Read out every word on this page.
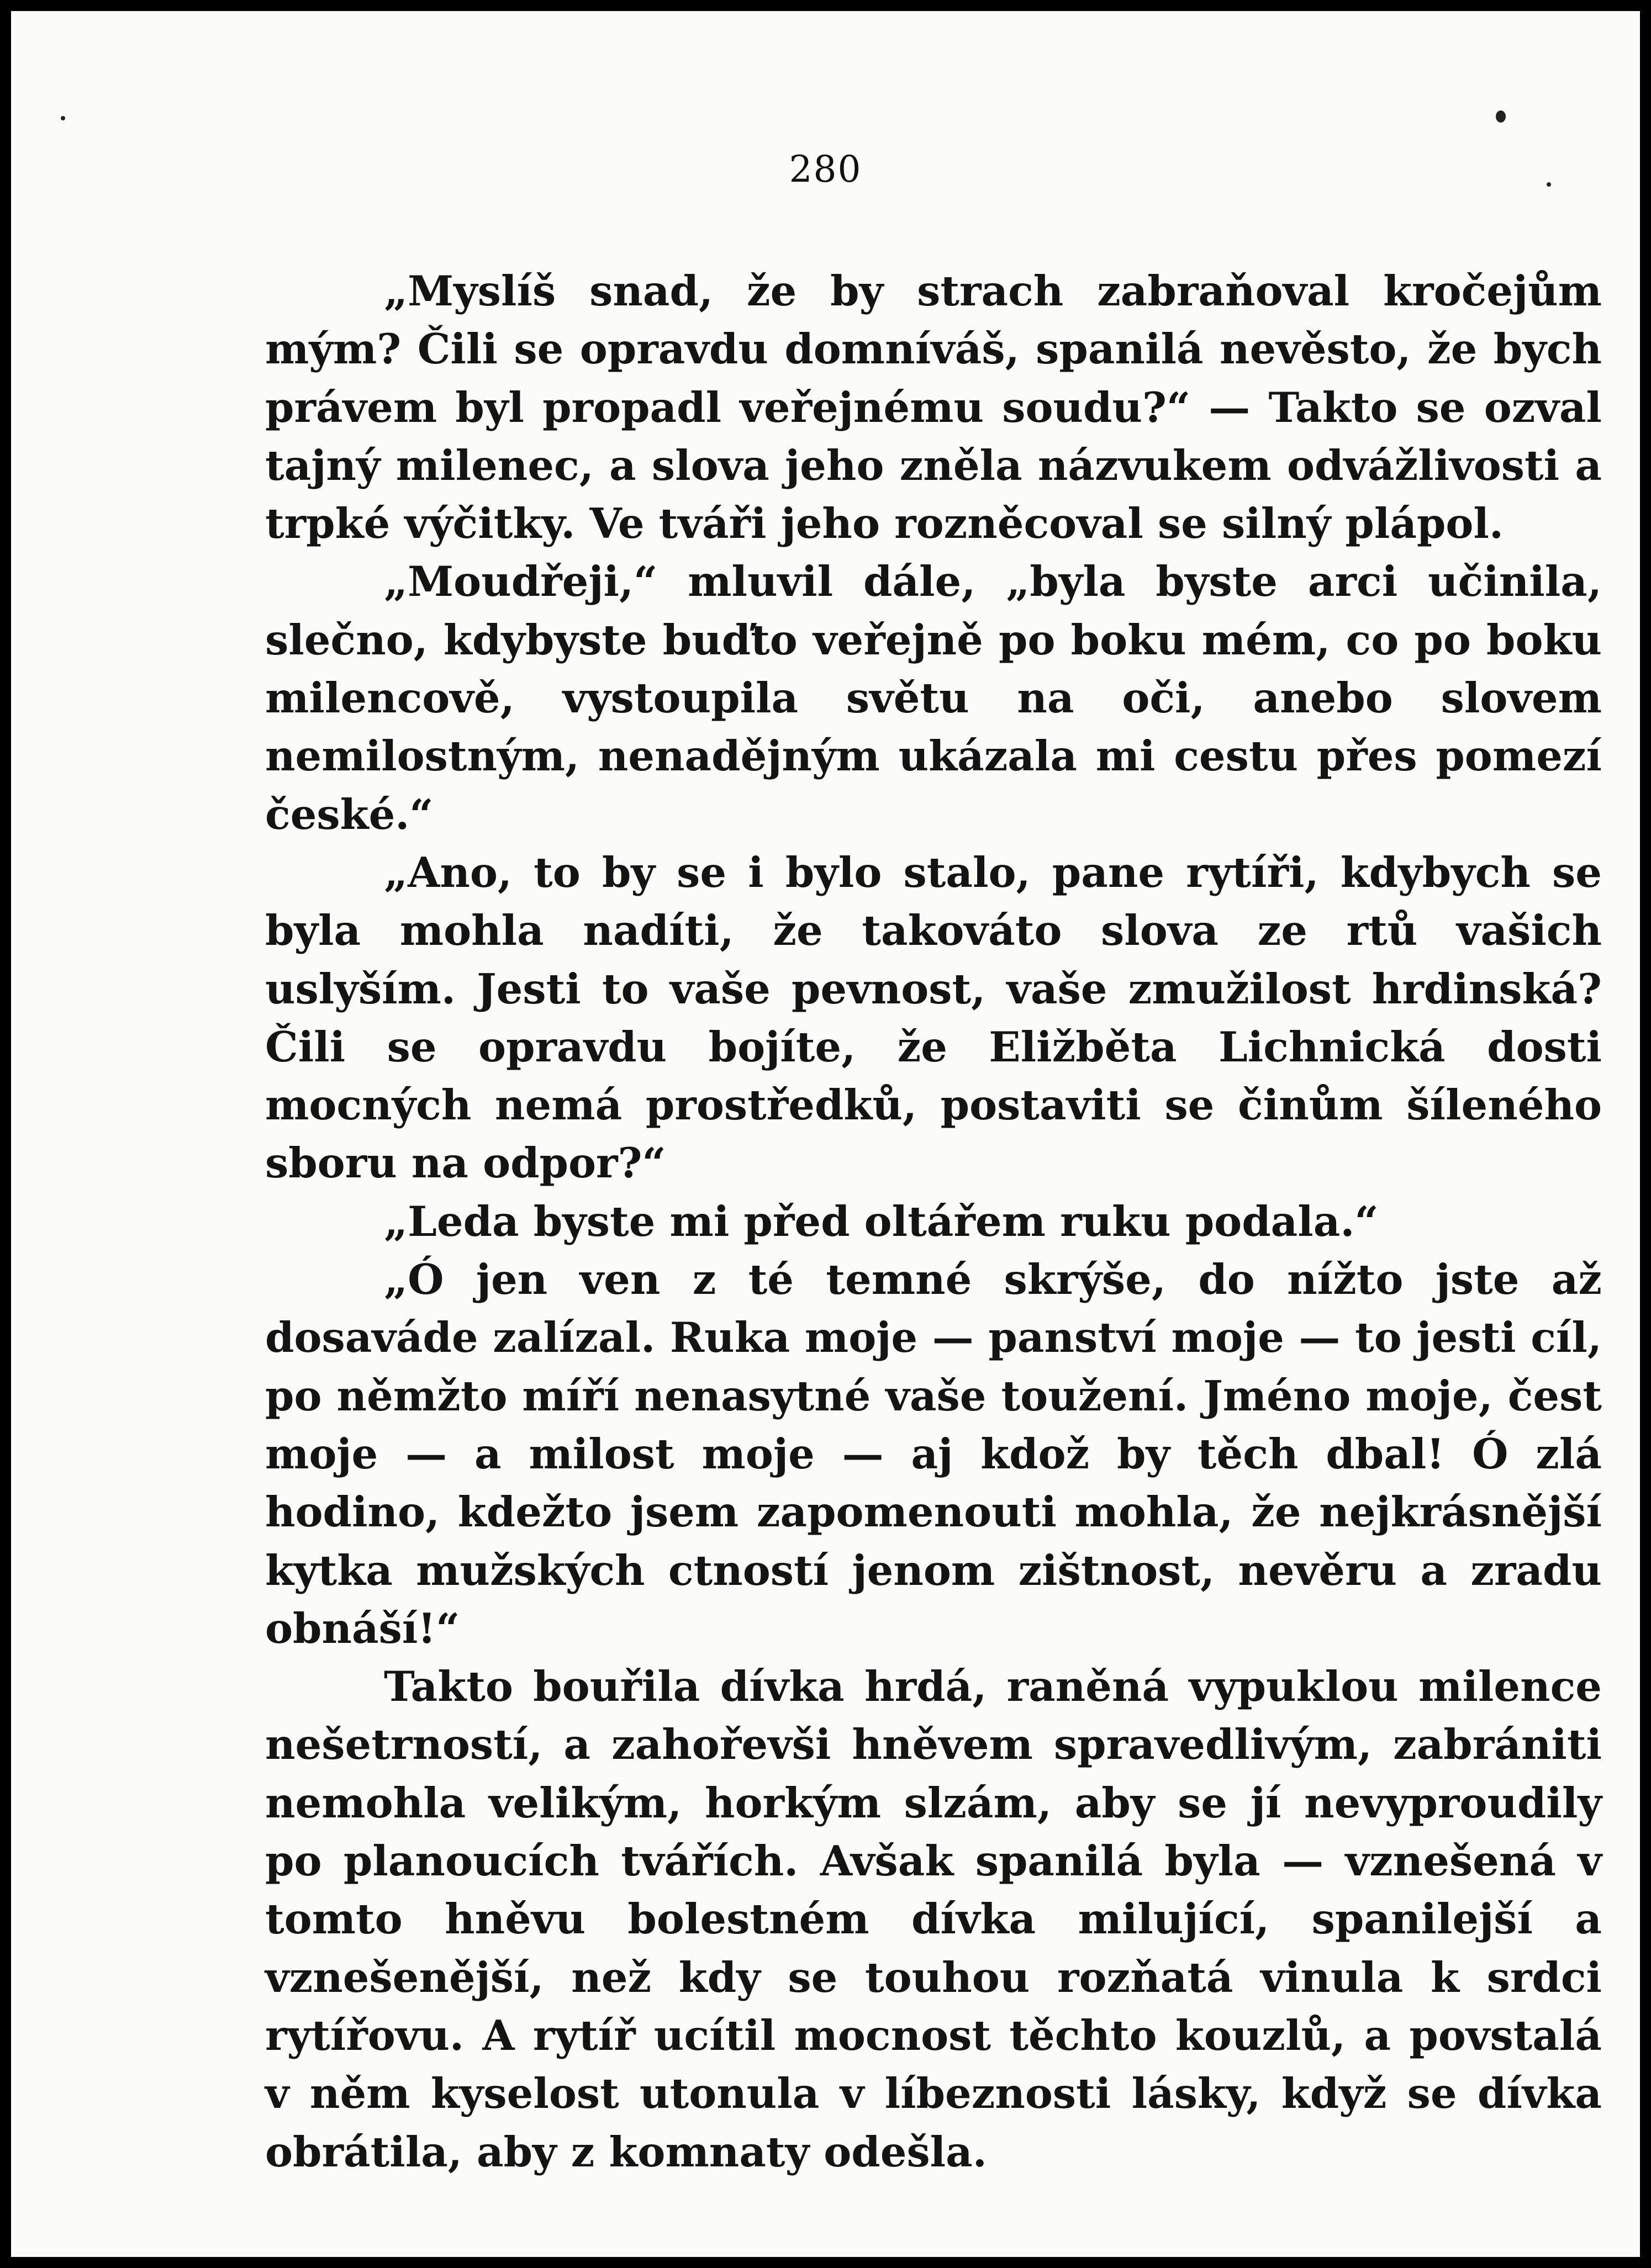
280

„Myslíš snad, že by strach zabraňoval kročejům mým? Čili se opravdu domníváš, spanilá nevěsto, že bych právem byl propadl veřejnému soudu?“ — Takto se ozval tajný milenec, a slova jeho zněla názvukem odvážlivosti a trpké výčitky. Ve tváři jeho rozněcoval se silný plápol.

„Moudřeji,“ mluvil dále, „byla byste arci učinila, slečno, kdybyste buďto veřejně po boku mém, co po boku milencově, vystoupila světu na oči, anebo slovem nemilostným, nenadějným ukázala mi cestu přes pomezí české.“

„Ano, to by se i bylo stalo, pane rytíři, kdybych se byla mohla nadíti, že takováto slova ze rtů vašich uslyším. Jesti to vaše pevnost, vaše zmužilost hrdinská? Čili se opravdu bojíte, že Eližběta Lichnická dosti mocných nemá prostředků, postaviti se činům šíleného sboru na odpor?“

„Leda byste mi před oltářem ruku podala.“

„Ó jen ven z té temné skrýše, do nížto jste až dosaváde zalízal. Ruka moje — panství moje — to jesti cíl, po němžto míří nenasytné vaše toužení. Jméno moje, čest moje — a milost moje — aj kdož by těch dbal! Ó zlá hodino, kdežto jsem zapomenouti mohla, že nejkrásnější kytka mužských ctností jenom zištnost, nevěru a zradu obnáší!“

Takto bouřila dívka hrdá, raněná vypuklou milence nešetrností, a zahořevši hněvem spravedlivým, zabrániti nemohla velikým, horkým slzám, aby se jí nevyproudily po planoucích tvářích. Avšak spanilá byla — vznešená v tomto hněvu bolestném dívka milující, spanilejší a vznešenější, než kdy se touhou rozňatá vinula k srdci rytířovu. A rytíř ucítil mocnost těchto kouzlů, a povstalá v něm kyselost utonula v líbeznosti lásky, když se dívka obrátila, aby z komnaty odešla.
